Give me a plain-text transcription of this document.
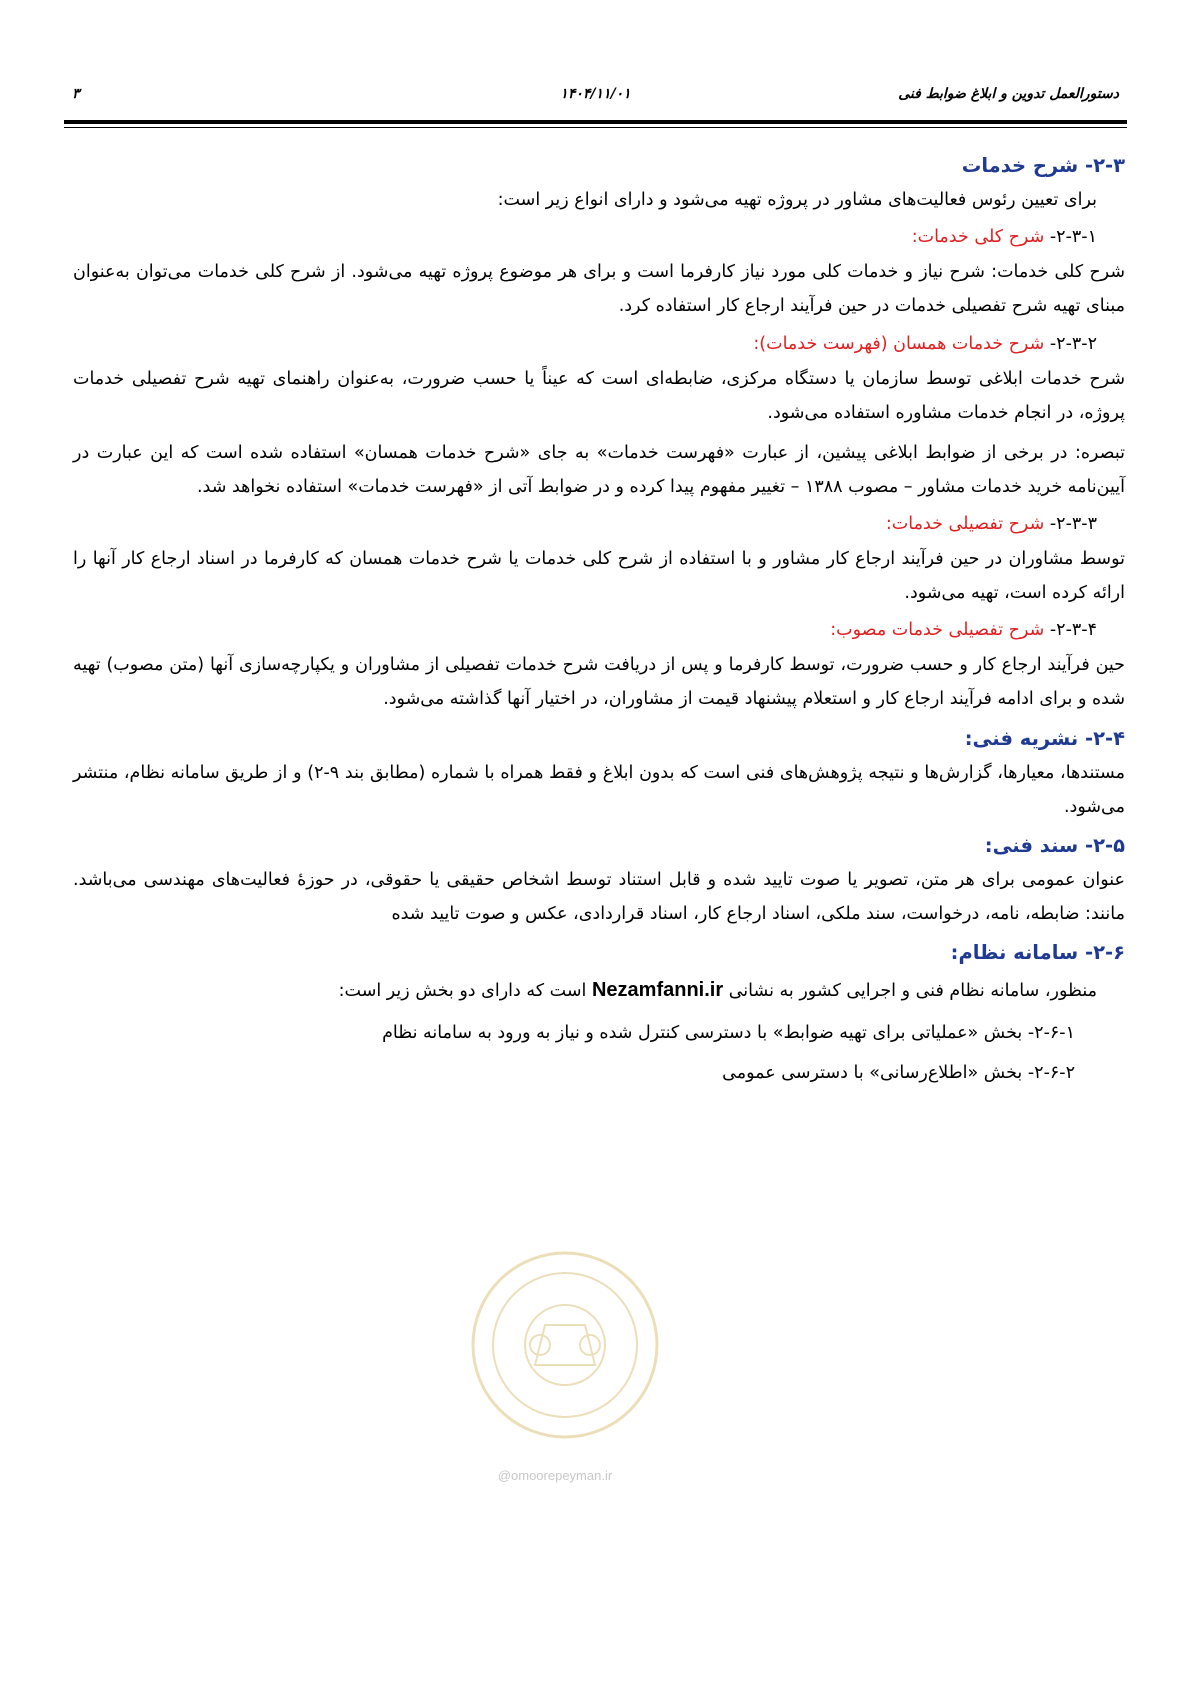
دستورالعمل تدوین و ابلاغ ضوابط فنی
۱۴۰۴/۱۱/۰۱
۳
۲-۳- شرح خدمات

برای تعیین رئوس فعالیت‌های مشاور در پروژه تهیه می‌شود و دارای انواع زیر است:

۲-۳-۱- شرح کلی خدمات:

شرح کلی خدمات: شرح نیاز و خدمات کلی مورد نیاز کارفرما است و برای هر موضوع پروژه تهیه می‌شود. از شرح کلی خدمات می‌توان به‌عنوان مبنای تهیه شرح تفصیلی خدمات در حین فرآیند ارجاع کار استفاده کرد.

۲-۳-۲- شرح خدمات همسان (فهرست خدمات):

شرح خدمات ابلاغی توسط سازمان یا دستگاه مرکزی، ضابطه‌ای است که عیناً یا حسب ضرورت، به‌عنوان راهنمای تهیه شرح تفصیلی خدمات پروژه، در انجام خدمات مشاوره استفاده می‌شود.

تبصره: در برخی از ضوابط ابلاغی پیشین، از عبارت «فهرست خدمات» به جای «شرح خدمات همسان» استفاده شده است که این عبارت در آیین‌نامه خرید خدمات مشاور – مصوب ۱۳۸۸ – تغییر مفهوم پیدا کرده و در ضوابط آتی از «فهرست خدمات» استفاده نخواهد شد.

۲-۳-۳- شرح تفصیلی خدمات:

توسط مشاوران در حین فرآیند ارجاع کار مشاور و با استفاده از شرح کلی خدمات یا شرح خدمات همسان که کارفرما در اسناد ارجاع کار آنها را ارائه کرده است، تهیه می‌شود.

۲-۳-۴- شرح تفصیلی خدمات مصوب:

حین فرآیند ارجاع کار و حسب ضرورت، توسط کارفرما و پس از دریافت شرح خدمات تفصیلی از مشاوران و یکپارچه‌سازی آنها (متن مصوب) تهیه شده و برای ادامه فرآیند ارجاع کار و استعلام پیشنهاد قیمت از مشاوران، در اختیار آنها گذاشته می‌شود.

۲-۴- نشریه فنی:

مستندها، معیارها، گزارش‌ها و نتیجه پژوهش‌های فنی است که بدون ابلاغ و فقط همراه با شماره (مطابق بند ۹-۲) و از طریق سامانه نظام، منتشر می‌شود.

۲-۵- سند فنی:

عنوان عمومی برای هر متن، تصویر یا صوت تایید شده و قابل استناد توسط اشخاص حقیقی یا حقوقی، در حوزۀ فعالیت‌های مهندسی می‌باشد. مانند: ضابطه، نامه، درخواست، سند ملکی، اسناد ارجاع کار، اسناد قراردادی، عکس و صوت تایید شده

۲-۶- سامانه نظام:

منظور، سامانه نظام فنی و اجرایی کشور به نشانی Nezamfanni.ir است که دارای دو بخش زیر است:

۲-۶-۱- بخش «عملیاتی برای تهیه ضوابط» با دسترسی کنترل شده و نیاز به ورود به سامانه نظام
۲-۶-۲- بخش «اطلاع‌رسانی» با دسترسی عمومی
@omoorepeyman.ir
